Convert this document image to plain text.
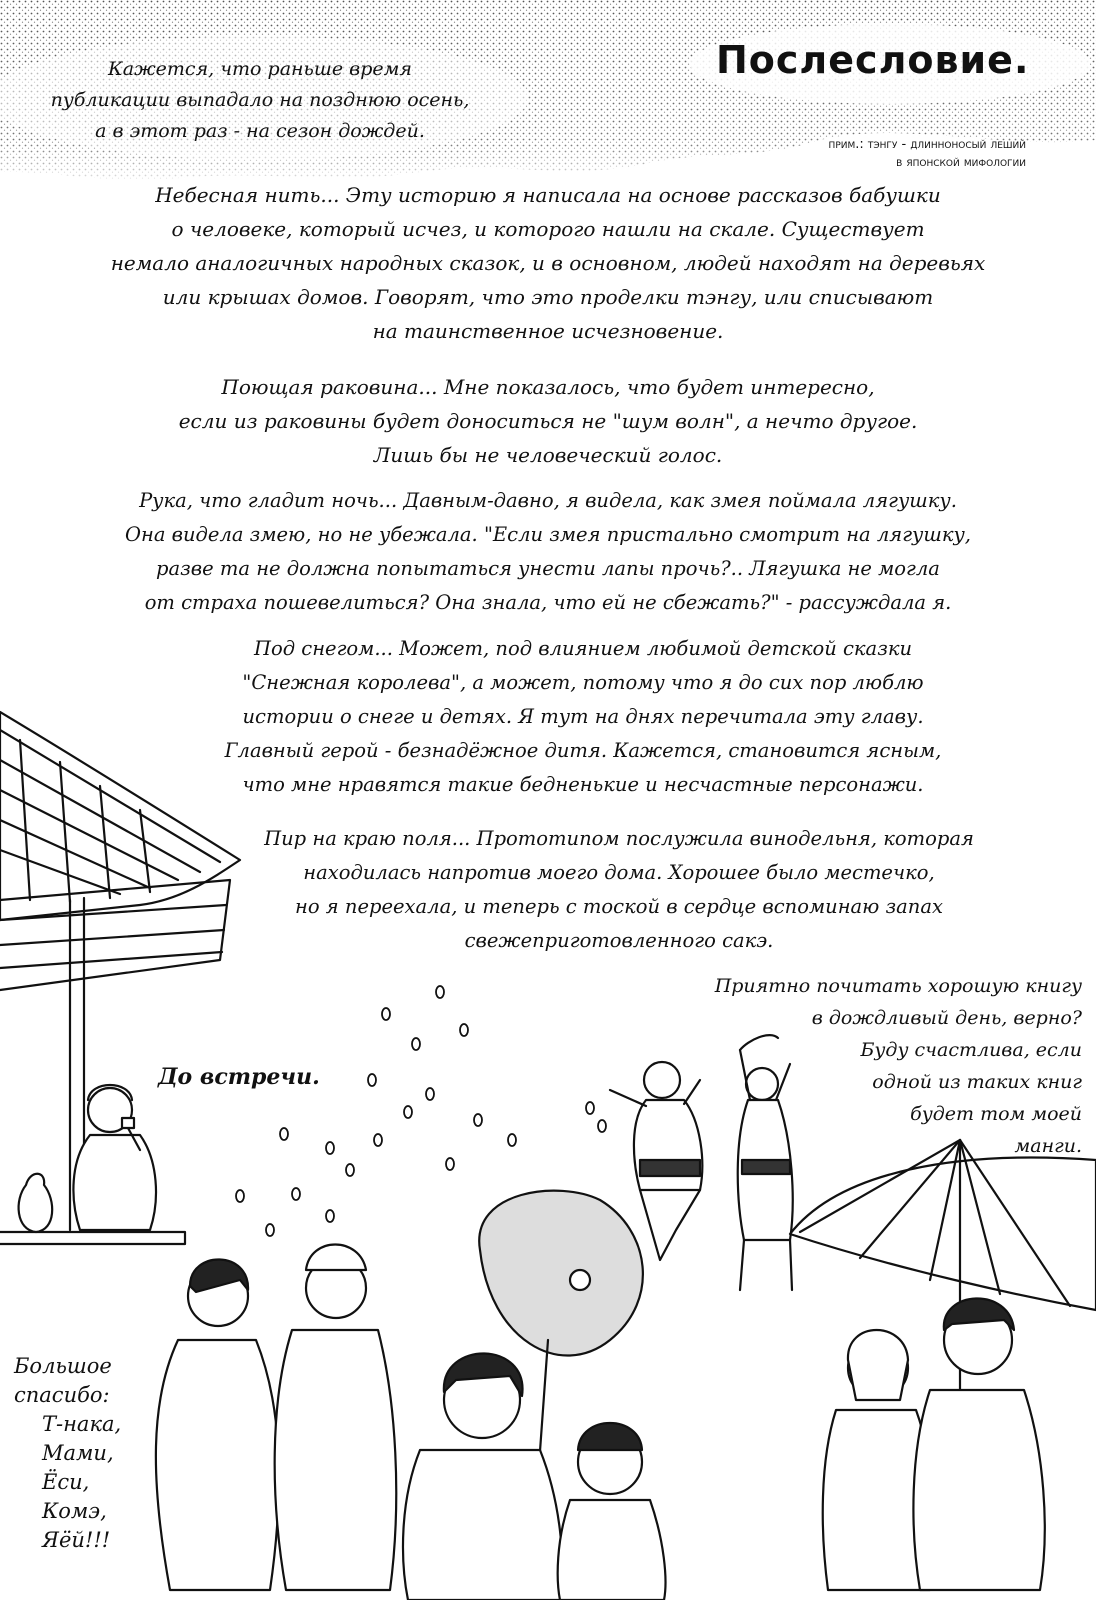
Послесловие.
прим.: тэнгу - длинноносый леший
в японской мифологии
Кажется, что раньше время
публикации выпадало на позднюю осень,
а в этот раз - на сезон дождей.
Небесная нить... Эту историю я написала на основе рассказов бабушки
о человеке, который исчез, и которого нашли на скале. Существует
немало аналогичных народных сказок, и в основном, людей находят на деревьях
или крышах домов. Говорят, что это проделки тэнгу, или списывают
на таинственное исчезновение.
Поющая раковина... Мне показалось, что будет интересно,
если из раковины будет доноситься не "шум волн", а нечто другое.
Лишь бы не человеческий голос.
Рука, что гладит ночь... Давным-давно, я видела, как змея поймала лягушку.
Она видела змею, но не убежала. "Если змея пристально смотрит на лягушку,
разве та не должна попытаться унести лапы прочь?.. Лягушка не могла
от страха пошевелиться? Она знала, что ей не сбежать?" - рассуждала я.
Под снегом... Может, под влиянием любимой детской сказки
"Снежная королева", а может, потому что я до сих пор люблю
истории о снеге и детях. Я тут на днях перечитала эту главу.
Главный герой - безнадёжное дитя. Кажется, становится ясным,
что мне нравятся такие бедненькие и несчастные персонажи.
Пир на краю поля... Прототипом послужила винодельня, которая
находилась напротив моего дома. Хорошее было местечко,
но я переехала, и теперь с тоской в сердце вспоминаю запах
свежеприготовленного сакэ.
Приятно почитать хорошую книгу
в дождливый день, верно?
Буду счастлива, если
одной из таких книг
будет том моей
манги.
До встречи.
Большое
спасибо:
Т-нака,
Мами,
Ёси,
Комэ,
Яёй!!!
